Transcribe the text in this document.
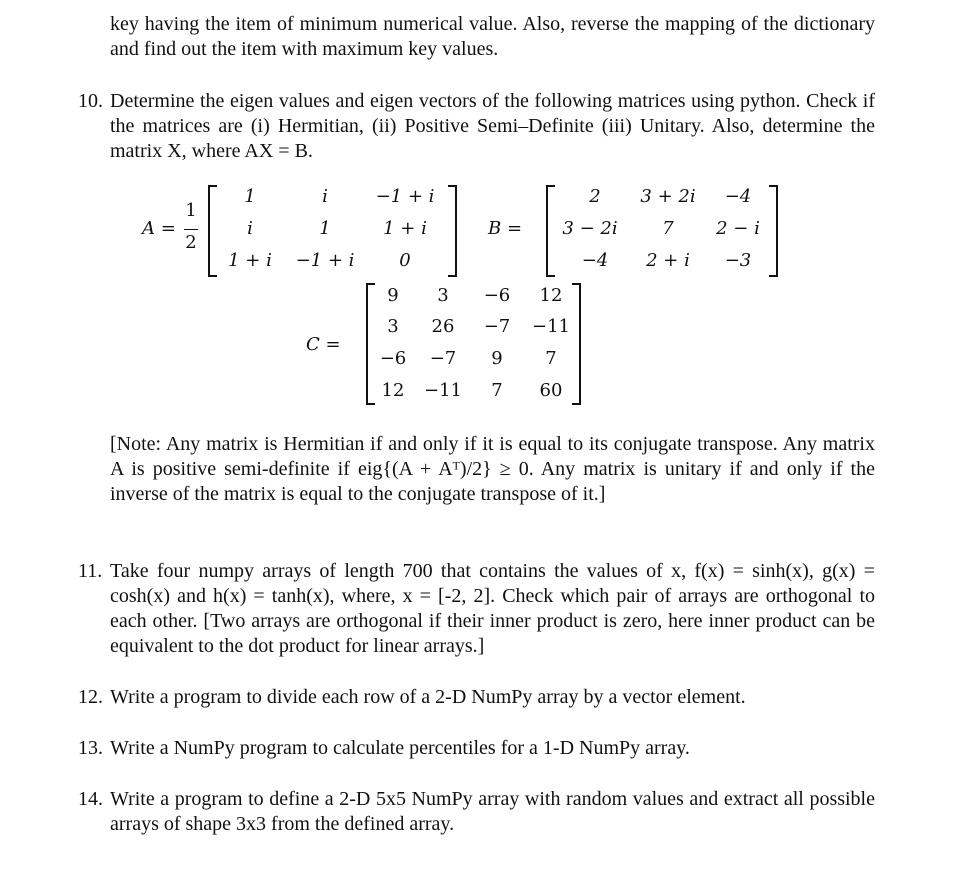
key having the item of minimum numerical value. Also, reverse the mapping of the dictionary and find out the item with maximum key values.
10. Determine the eigen values and eigen vectors of the following matrices using python. Check if the matrices are (i) Hermitian, (ii) Positive Semi–Definite (iii) Unitary. Also, determine the matrix X, where AX = B.
A =
1
2
1	i	−1 + i
i	1	1 + i
1 + i	−1 + i	0
B =
2	3 + 2i	−4
3 − 2i	7	2 − i
−4	2 + i	−3
C =
9	3	−6	12
3	26	−7	−11
−6	−7	9	7
12	−11	7	60
[Note: Any matrix is Hermitian if and only if it is equal to its conjugate transpose. Any matrix A is positive semi-definite if eig{(A + Aᵀ)/2} ≥ 0. Any matrix is unitary if and only if the inverse of the matrix is equal to the conjugate transpose of it.]
11. Take four numpy arrays of length 700 that contains the values of x, f(x) = sinh(x), g(x) = cosh(x) and h(x) = tanh(x), where, x = [-2, 2]. Check which pair of arrays are orthogonal to each other. [Two arrays are orthogonal if their inner product is zero, here inner product can be equivalent to the dot product for linear arrays.]
12. Write a program to divide each row of a 2-D NumPy array by a vector element.
13. Write a NumPy program to calculate percentiles for a 1-D NumPy array.
14. Write a program to define a 2-D 5x5 NumPy array with random values and extract all possible arrays of shape 3x3 from the defined array.
